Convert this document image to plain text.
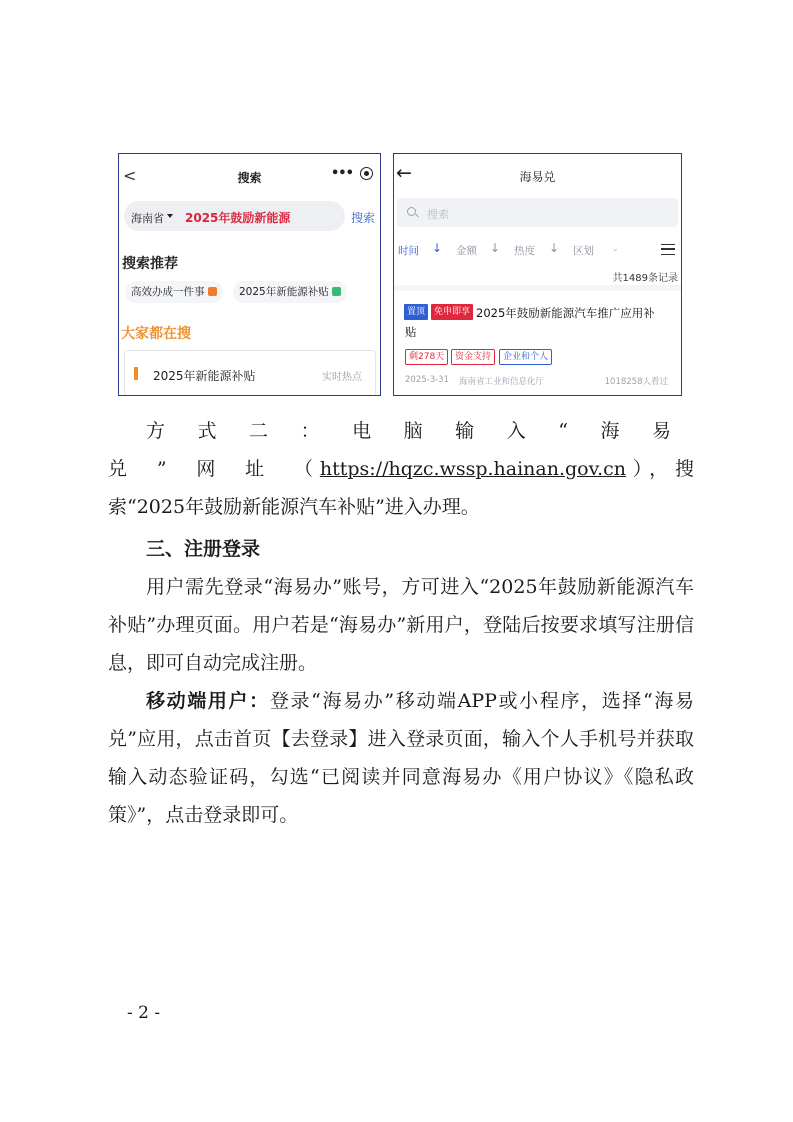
<	搜索	•••
海南省 2025年鼓励新能源	搜索
搜索推荐
高效办成一件事	2025年新能源补贴
大家都在搜
2025年新能源补贴	实时热点
←	海易兑
搜索
时间 ↓ 金额 ↓ 热度 ↓ 区划 ⌄
共1489条记录
置顶 免申即享 2025年鼓励新能源汽车推广应用补
贴
剩278天	资金支持	企业和个人
2025-3-31 海南省工业和信息化厅	1018258人看过
方式二：电脑输入“海易兑”网址（https://hqzc.wssp.hainan.gov.cn），搜索“2025年鼓励新能源汽车补贴”进入办理。
三、注册登录
用户需先登录“海易办”账号，方可进入“2025年鼓励新能源汽车补贴”办理页面。用户若是“海易办”新用户，登陆后按要求填写注册信息，即可自动完成注册。
移动端用户：登录“海易办”移动端APP或小程序，选择“海易兑”应用，点击首页【去登录】进入登录页面，输入个人手机号并获取输入动态验证码，勾选“已阅读并同意海易办《用户协议》《隐私政策》”，点击登录即可。
- 2 -
